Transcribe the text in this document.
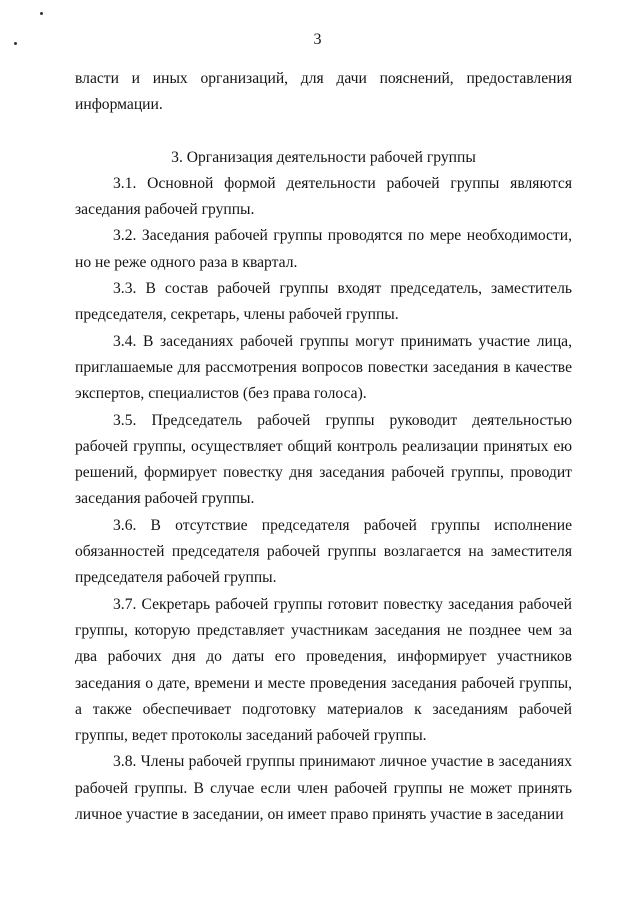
3

власти и иных организаций, для дачи пояснений, предоставления информации.

3. Организация деятельности рабочей группы

3.1. Основной формой деятельности рабочей группы являются заседания рабочей группы.

3.2. Заседания рабочей группы проводятся по мере необходимости, но не реже одного раза в квартал.

3.3. В состав рабочей группы входят председатель, заместитель председателя, секретарь, члены рабочей группы.

3.4. В заседаниях рабочей группы могут принимать участие лица, приглашаемые для рассмотрения вопросов повестки заседания в качестве экспертов, специалистов (без права голоса).

3.5. Председатель рабочей группы руководит деятельностью рабочей группы, осуществляет общий контроль реализации принятых ею решений, формирует повестку дня заседания рабочей группы, проводит заседания рабочей группы.

3.6. В отсутствие председателя рабочей группы исполнение обязанностей председателя рабочей группы возлагается на заместителя председателя рабочей группы.

3.7. Секретарь рабочей группы готовит повестку заседания рабочей группы, которую представляет участникам заседания не позднее чем за два рабочих дня до даты его проведения, информирует участников заседания о дате, времени и месте проведения заседания рабочей группы, а также обеспечивает подготовку материалов к заседаниям рабочей группы, ведет протоколы заседаний рабочей группы.

3.8. Члены рабочей группы принимают личное участие в заседаниях рабочей группы. В случае если член рабочей группы не может принять личное участие в заседании, он имеет право принять участие в заседании
